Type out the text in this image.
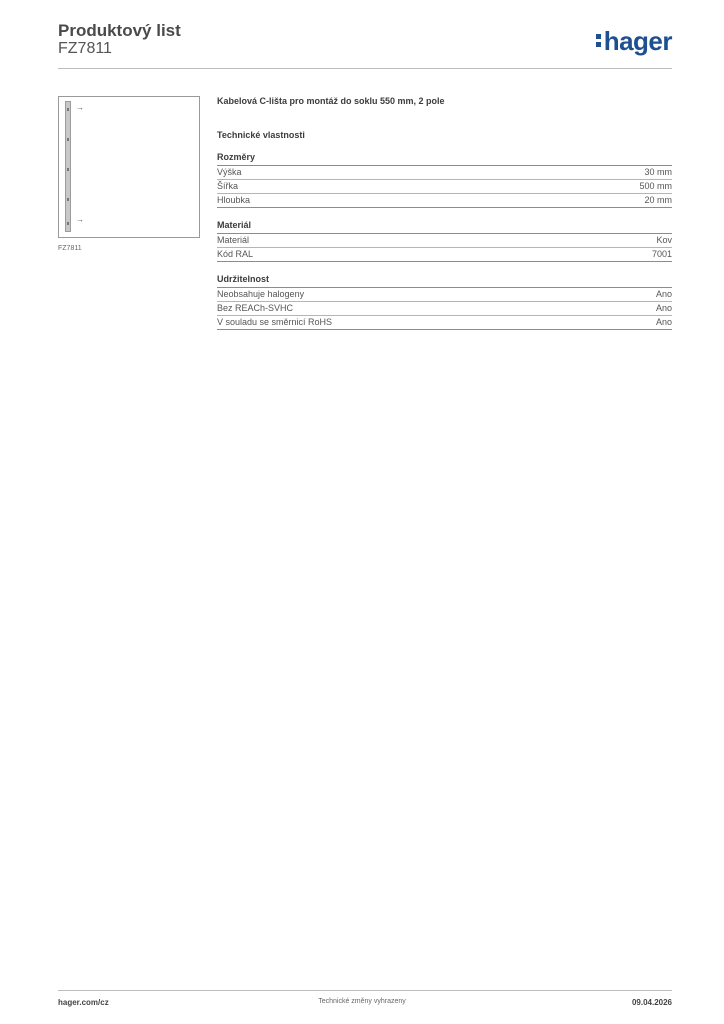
Produktový list
FZ7811	hager
→
→
FZ7811

Kabelová C-lišta pro montáž do soklu 550 mm, 2 pole

Technické vlastnosti
Rozměry
Výška	30 mm
Šířka	500 mm
Hloubka	20 mm
Materiál
Materiál	Kov
Kód RAL	7001
Udržitelnost
Neobsahuje halogeny	Ano
Bez REACh-SVHC	Ano
V souladu se směrnicí RoHS	Ano
hager.com/cz	Technické změny vyhrazeny	09.04.2026
